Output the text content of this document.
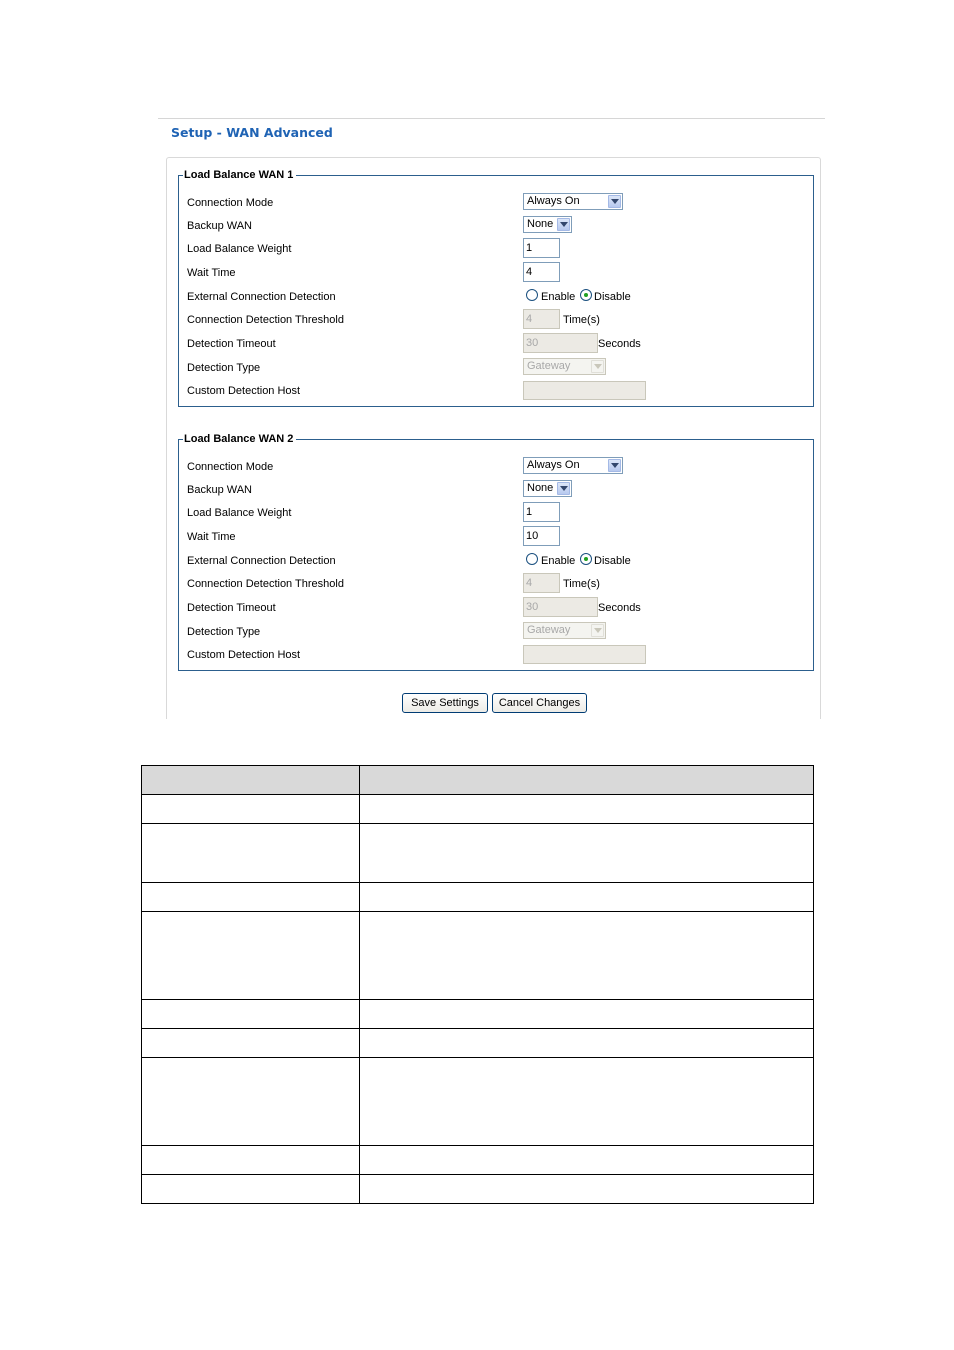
Setup - WAN Advanced
Load Balance WAN 1
Connection Mode	Always On
Backup WAN	None
Load Balance Weight	1
Wait Time	4
External Connection Detection	Enable Disable
Connection Detection Threshold	4	Time(s)
Detection Timeout	30	Seconds
Detection Type	Gateway
Custom Detection Host
Load Balance WAN 2
Connection Mode	Always On
Backup WAN	None
Load Balance Weight	1
Wait Time	10
External Connection Detection	Enable Disable
Connection Detection Threshold	4	Time(s)
Detection Timeout	30	Seconds
Detection Type	Gateway
Custom Detection Host
Save Settings	Cancel Changes
